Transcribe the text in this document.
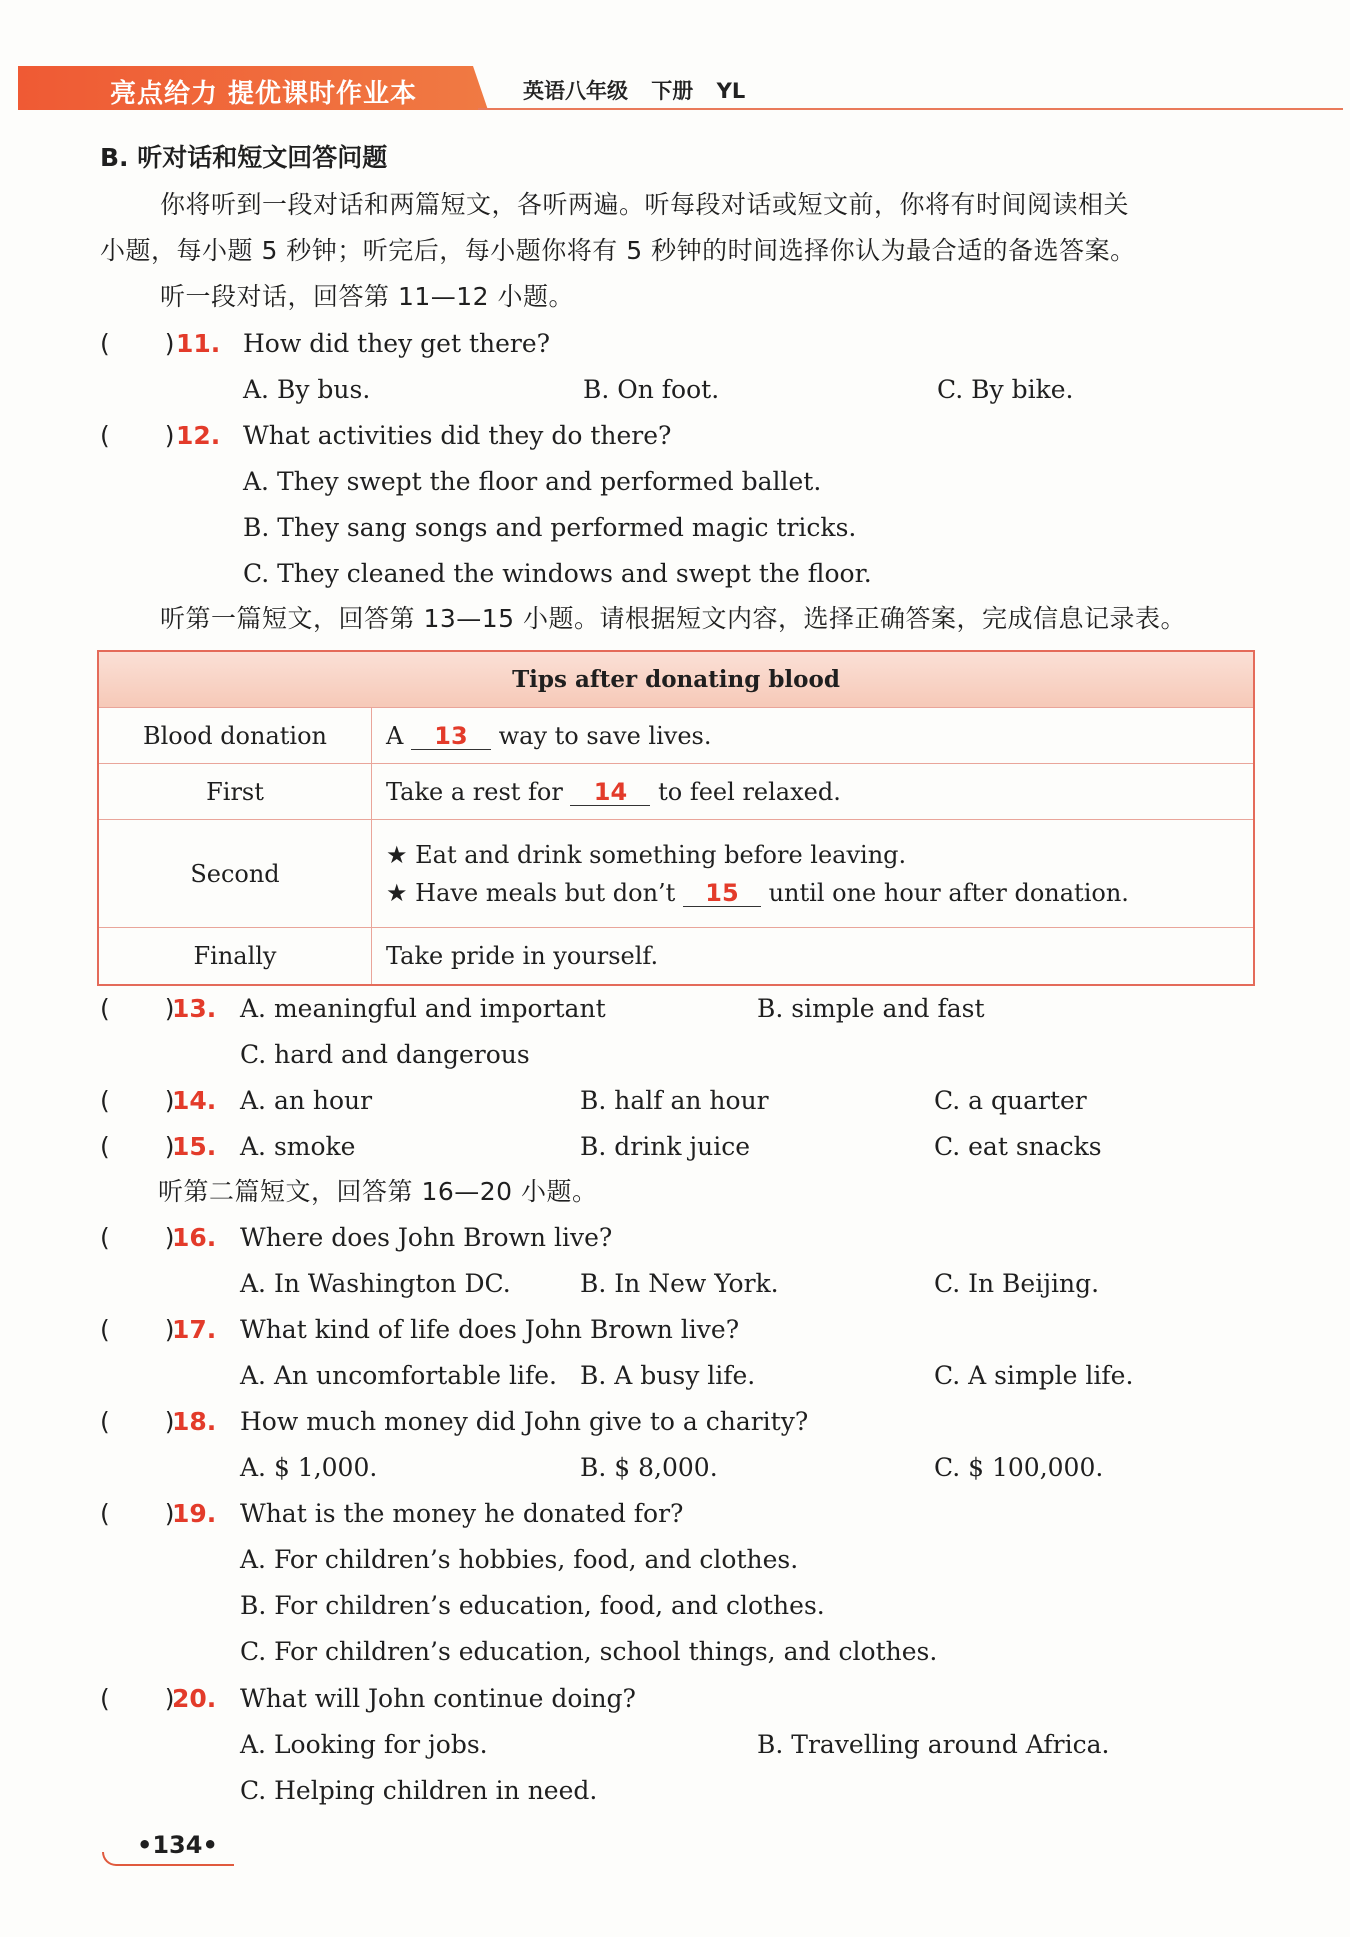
亮点给力 提优课时作业本	英语八年级 下册 YL
B. 听对话和短文回答问题
你将听到一段对话和两篇短文，各听两遍。听每段对话或短文前，你将有时间阅读相关
小题，每小题 5 秒钟；听完后，每小题你将有 5 秒钟的时间选择你认为最合适的备选答案。
听一段对话，回答第 11—12 小题。
(   ) 11. How did they get there?
A. By bus.	B. On foot.	C. By bike.
(   ) 12. What activities did they do there?
A. They swept the floor and performed ballet.
B. They sang songs and performed magic tricks.
C. They cleaned the windows and swept the floor.
听第一篇短文，回答第 13—15 小题。请根据短文内容，选择正确答案，完成信息记录表。
Tips after donating blood	
Blood donation	A 13 way to save lives.
First	Take a rest for 14 to feel relaxed.
Second	★ Eat and drink something before leaving.
★ Have meals but don’t 15 until one hour after donation.

Finally	Take pride in yourself.
(   )
13. A. meaningful and important	B. simple and fast
C. hard and dangerous
(   )
14. A. an hour	B. half an hour	C. a quarter
(   )
15. A. smoke	B. drink juice	C. eat snacks
听第二篇短文，回答第 16—20 小题。
(   )
16. Where does John Brown live?
A. In Washington DC.	B. In New York.	C. In Beijing.
(   )
17. What kind of life does John Brown live?
A. An uncomfortable life. B. A busy life.	C. A simple life.
(   )
18. How much money did John give to a charity?
A. $ 1,000.	B. $ 8,000.	C. $ 100,000.
(   )
19. What is the money he donated for?
A. For children’s hobbies, food, and clothes.
B. For children’s education, food, and clothes.
C. For children’s education, school things, and clothes.
(   )
20. What will John continue doing?
A. Looking for jobs.	B. Travelling around Africa.
C. Helping children in need.
•134•
